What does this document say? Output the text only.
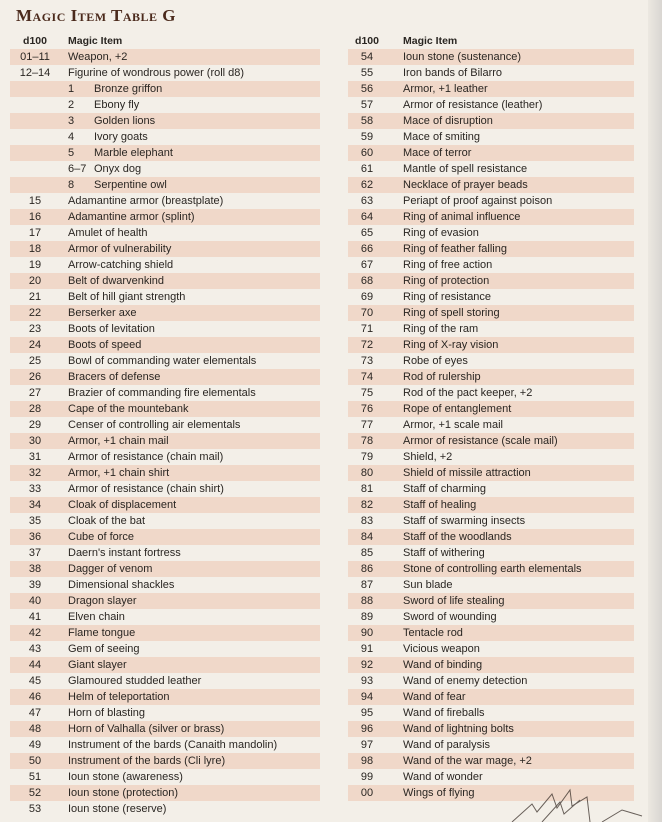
Magic Item Table G
d100	Magic Item
01–11	Weapon, +2
12–14	Figurine of wondrous power (roll d8)
1	Bronze griffon
2	Ebony fly
3	Golden lions
4	Ivory goats
5	Marble elephant
6–7 Onyx dog
8	Serpentine owl
15	Adamantine armor (breastplate)
16	Adamantine armor (splint)
17	Amulet of health
18	Armor of vulnerability
19	Arrow-catching shield
20	Belt of dwarvenkind
21	Belt of hill giant strength
22	Berserker axe
23	Boots of levitation
24	Boots of speed
25	Bowl of commanding water elementals
26	Bracers of defense
27	Brazier of commanding fire elementals
28	Cape of the mountebank
29	Censer of controlling air elementals
30	Armor, +1 chain mail
31	Armor of resistance (chain mail)
32	Armor, +1 chain shirt
33	Armor of resistance (chain shirt)
34	Cloak of displacement
35	Cloak of the bat
36	Cube of force
37	Daern's instant fortress
38	Dagger of venom
39	Dimensional shackles
40	Dragon slayer
41	Elven chain
42	Flame tongue
43	Gem of seeing
44	Giant slayer
45	Glamoured studded leather
46	Helm of teleportation
47	Horn of blasting
48	Horn of Valhalla (silver or brass)
49	Instrument of the bards (Canaith mandolin)
50	Instrument of the bards (Cli lyre)
51	Ioun stone (awareness)
52	Ioun stone (protection)
53	Ioun stone (reserve)
d100	Magic Item
54	Ioun stone (sustenance)
55	Iron bands of Bilarro
56	Armor, +1 leather
57	Armor of resistance (leather)
58	Mace of disruption
59	Mace of smiting
60	Mace of terror
61	Mantle of spell resistance
62	Necklace of prayer beads
63	Periapt of proof against poison
64	Ring of animal influence
65	Ring of evasion
66	Ring of feather falling
67	Ring of free action
68	Ring of protection
69	Ring of resistance
70	Ring of spell storing
71	Ring of the ram
72	Ring of X-ray vision
73	Robe of eyes
74	Rod of rulership
75	Rod of the pact keeper, +2
76	Rope of entanglement
77	Armor, +1 scale mail
78	Armor of resistance (scale mail)
79	Shield, +2
80	Shield of missile attraction
81	Staff of charming
82	Staff of healing
83	Staff of swarming insects
84	Staff of the woodlands
85	Staff of withering
86	Stone of controlling earth elementals
87	Sun blade
88	Sword of life stealing
89	Sword of wounding
90	Tentacle rod
91	Vicious weapon
92	Wand of binding
93	Wand of enemy detection
94	Wand of fear
95	Wand of fireballs
96	Wand of lightning bolts
97	Wand of paralysis
98	Wand of the war mage, +2
99	Wand of wonder
00	Wings of flying
